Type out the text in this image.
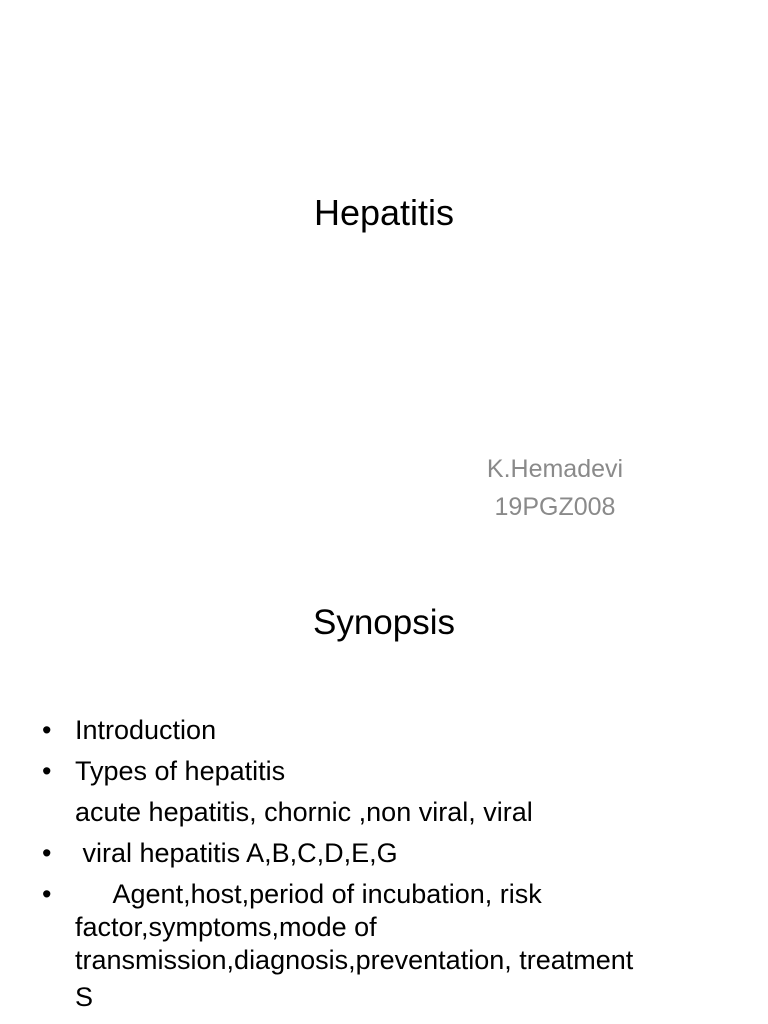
Hepatitis
K.Hemadevi
19PGZ008
Synopsis
• Introduction
• Types of hepatitis
acute hepatitis, chornic ,non viral, viral
• viral hepatitis A,B,C,D,E,G
• Agent,host,period of incubation, risk factor,symptoms,mode of transmission,diagnosis,preventation, treatment
S
